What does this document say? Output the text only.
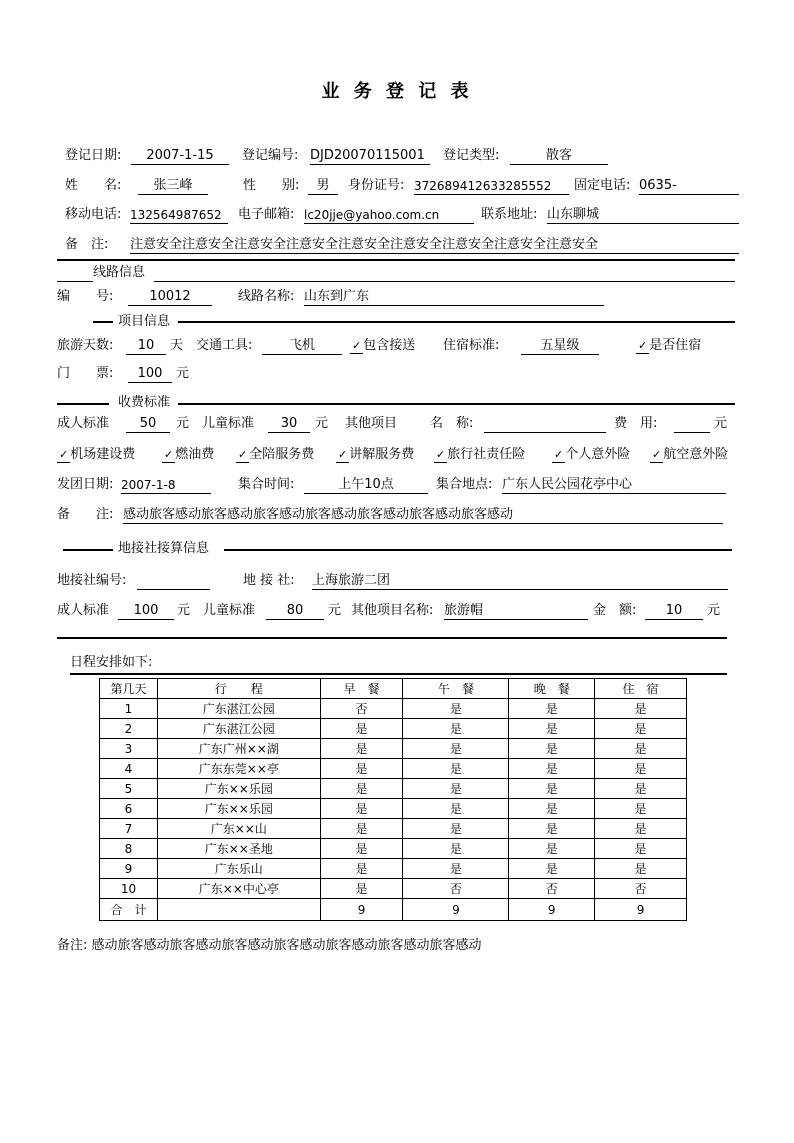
业 务 登 记 表
登记日期:	2007-1-15	登记编号: DJD20070115001	登记类型:	散客
姓　　名:	张三峰	性　　别:	男	身份证号: 372689412633285552	固定电话: 0635-
移动电话: 132564987652	电子邮箱: lc20jje@yahoo.com.cn	联系地址: 山东聊城
备　注: 注意安全注意安全注意安全注意安全注意安全注意安全注意安全注意安全注意安全
线路信息
编　　号:	10012	线路名称: 山东到广东
项目信息
旅游天数:	10	天 交通工具:	飞机 ✓	包含接送	住宿标准:	五星级 ✓	是否住宿
门　　票:	100	元
收费标准
成人标准	50	元 儿童标准	30	元 其他项目	名　称:	费　用:	元
✓ 机场建设费 ✓	燃油费 ✓	全陪服务费 ✓	讲解服务费 ✓	旅行社责任险 ✓	个人意外险 ✓	航空意外险
发团日期: 2007-1-8	集合时间:	上午10点	集合地点: 广东人民公园花亭中心
备　　注: 感动旅客感动旅客感动旅客感动旅客感动旅客感动旅客感动旅客感动
地接社接算信息
地接社编号:	地 接 社: 上海旅游二团
成人标准	100	元 儿童标准	80	元 其他项目名称: 旅游帽	金　额:	10	元
日程安排如下:
第几天	行　　程	早　餐	午　餐	晚　餐	住　宿
1	广东湛江公园	否	是	是	是
2	广东湛江公园	是	是	是	是
3	广东广州××湖	是	是	是	是
4	广东东莞××亭	是	是	是	是
5	广东××乐园	是	是	是	是
6	广东××乐园	是	是	是	是
7	广东××山	是	是	是	是
8	广东××圣地	是	是	是	是
9	广东乐山	是	是	是	是
10	广东××中心亭	是	否	否	否
合　计		9	9	9	9
备注: 感动旅客感动旅客感动旅客感动旅客感动旅客感动旅客感动旅客感动
